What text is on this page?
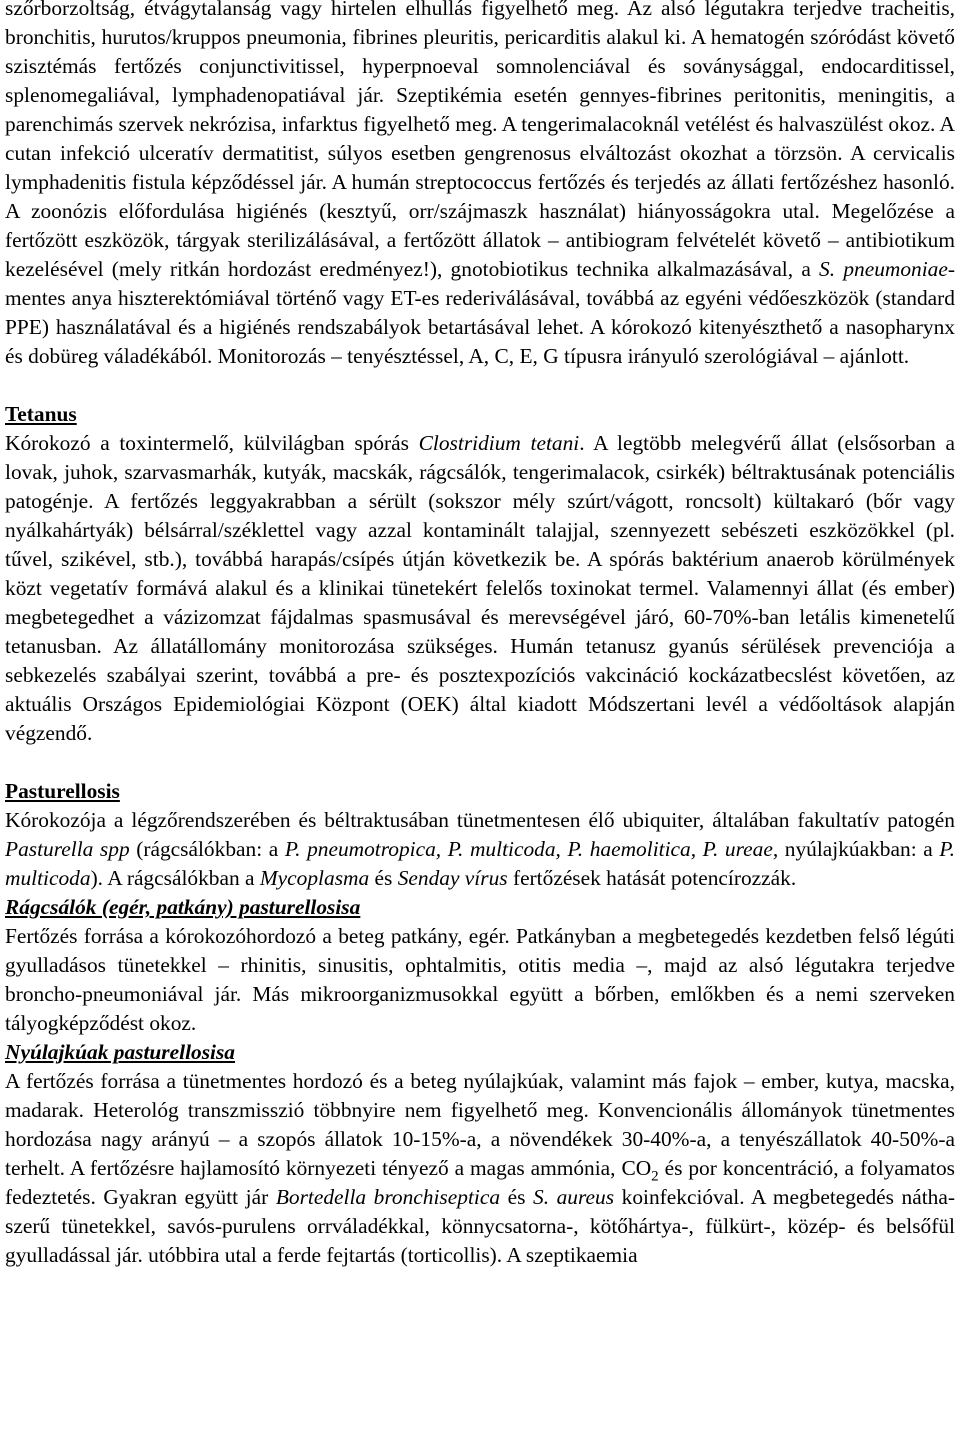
szőrborzoltság, étvágytalanság vagy hirtelen elhullás figyelhető meg. Az alsó légutakra terjedve tracheitis, bronchitis, hurutos/kruppos pneumonia, fibrines pleuritis, pericarditis alakul ki. A hematogén szóródást követő szisztémás fertőzés conjunctivitissel, hyperpnoeval somnolenciával és soványsággal, endocarditissel, splenomegaliával, lymphadenopatiával jár. Szeptikémia esetén gennyes-fibrines peritonitis, meningitis, a parenchimás szervek nekrózisa, infarktus figyelhető meg. A tengerimalacoknál vetélést és halvaszülést okoz. A cutan infekció ulceratív dermatitist, súlyos esetben gengrenosus elváltozást okozhat a törzsön. A cervicalis lymphadenitis fistula képződéssel jár. A humán streptococcus fertőzés és terjedés az állati fertőzéshez hasonló. A zoonózis előfordulása higiénés (kesztyű, orr/szájmaszk használat) hiányosságokra utal. Megelőzése a fertőzött eszközök, tárgyak sterilizálásával, a fertőzött állatok – antibiogram felvételét követő – antibiotikum kezelésével (mely ritkán hordozást eredményez!), gnotobiotikus technika alkalmazásával, a S. pneumoniae-mentes anya hiszterektómiával történő vagy ET-es rederiválásával, továbbá az egyéni védőeszközök (standard PPE) használatával és a higiénés rendszabályok betartásával lehet. A kórokozó kitenyészthető a nasopharynx és dobüreg váladékából. Monitorozás – tenyésztéssel, A, C, E, G típusra irányuló szerológiával – ajánlott.

Tetanus

Kórokozó a toxintermelő, külvilágban spórás Clostridium tetani. A legtöbb melegvérű állat (elsősorban a lovak, juhok, szarvasmarhák, kutyák, macskák, rágcsálók, tengerimalacok, csirkék) béltraktusának potenciális patogénje. A fertőzés leggyakrabban a sérült (sokszor mély szúrt/vágott, roncsolt) kültakaró (bőr vagy nyálkahártyák) bélsárral/széklettel vagy azzal kontaminált talajjal, szennyezett sebészeti eszközökkel (pl. tűvel, szikével, stb.), továbbá harapás/csípés útján következik be. A spórás baktérium anaerob körülmények közt vegetatív formává alakul és a klinikai tünetekért felelős toxinokat termel. Valamennyi állat (és ember) megbetegedhet a vázizomzat fájdalmas spasmusával és merevségével járó, 60-70%-ban letális kimenetelű tetanusban. Az állatállomány monitorozása szükséges. Humán tetanusz gyanús sérülések prevenciója a sebkezelés szabályai szerint, továbbá a pre- és posztexpozíciós vakcináció kockázatbecslést követően, az aktuális Országos Epidemiológiai Központ (OEK) által kiadott Módszertani levél a védőoltások alapján végzendő.

Pasturellosis

Kórokozója a légzőrendszerében és béltraktusában tünetmentesen élő ubiquiter, általában fakultatív patogén Pasturella spp (rágcsálókban: a P. pneumotropica, P. multicoda, P. haemolitica, P. ureae, nyúlajkúakban: a P. multicoda). A rágcsálókban a Mycoplasma és Senday vírus fertőzések hatását potencírozzák.

Rágcsálók (egér, patkány) pasturellosisa

Fertőzés forrása a kórokozóhordozó a beteg patkány, egér. Patkányban a megbetegedés kezdetben felső légúti gyulladásos tünetekkel – rhinitis, sinusitis, ophtalmitis, otitis media –, majd az alsó légutakra terjedve broncho-pneumoniával jár. Más mikroorganizmusokkal együtt a bőrben, emlőkben és a nemi szerveken tályogképződést okoz.

Nyúlajkúak pasturellosisa

A fertőzés forrása a tünetmentes hordozó és a beteg nyúlajkúak, valamint más fajok – ember, kutya, macska, madarak. Heterológ transzmisszió többnyire nem figyelhető meg. Konvencionális állományok tünetmentes hordozása nagy arányú – a szopós állatok 10-15%-a, a növendékek 30-40%-a, a tenyészállatok 40-50%-a terhelt. A fertőzésre hajlamosító környezeti tényező a magas ammónia, $CO_2$ és por koncentráció, a folyamatos fedeztetés. Gyakran együtt jár Bortedella bronchiseptica és S. aureus koinfekcióval. A megbetegedés nátha-szerű tünetekkel, savós-purulens orrváladékkal, könnycsatorna-, kötőhártya-, fülkürt-, közép- és belsőfül gyulladással jár. utóbbira utal a ferde fejtartás (torticollis). A szeptikaemia
